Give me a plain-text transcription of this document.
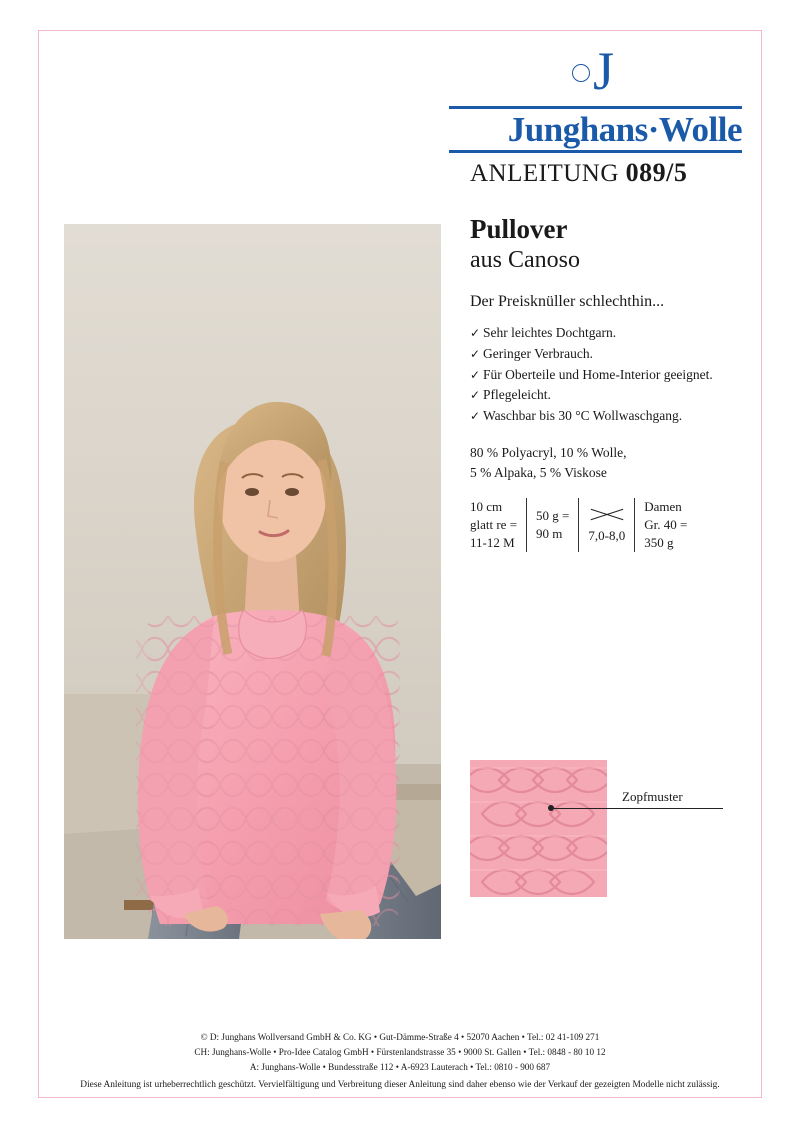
J
Junghans·Wolle
ANLEITUNG 089/5

Pullover

aus Canoso

Der Preisknüller schlechthin...
✓ Sehr leichtes Dochtgarn.
✓ Geringer Verbrauch.
✓ Für Oberteile und Home-Interior geeignet.
✓ Pflegeleicht.
✓ Waschbar bis 30 °C Wollwaschgang.
80 % Polyacryl, 10 % Wolle,
5 % Alpaka, 5 % Viskose
10 cm
glatt re =
11-12 M
50 g =
90 m	7,0-8,0
Damen
Gr. 40 =
350 g
Zopfmuster
© D: Junghans Wollversand GmbH & Co. KG • Gut-Dämme-Straße 4 • 52070 Aachen • Tel.: 02 41-109 271
CH: Junghans-Wolle • Pro-Idee Catalog GmbH • Fürstenlandstrasse 35 • 9000 St. Gallen • Tel.: 0848 - 80 10 12
A: Junghans-Wolle • Bundesstraße 112 • A-6923 Lauterach • Tel.: 0810 - 900 687
Diese Anleitung ist urheberrechtlich geschützt. Vervielfältigung und Verbreitung dieser Anleitung sind daher ebenso wie der Verkauf der gezeigten Modelle nicht zulässig.
